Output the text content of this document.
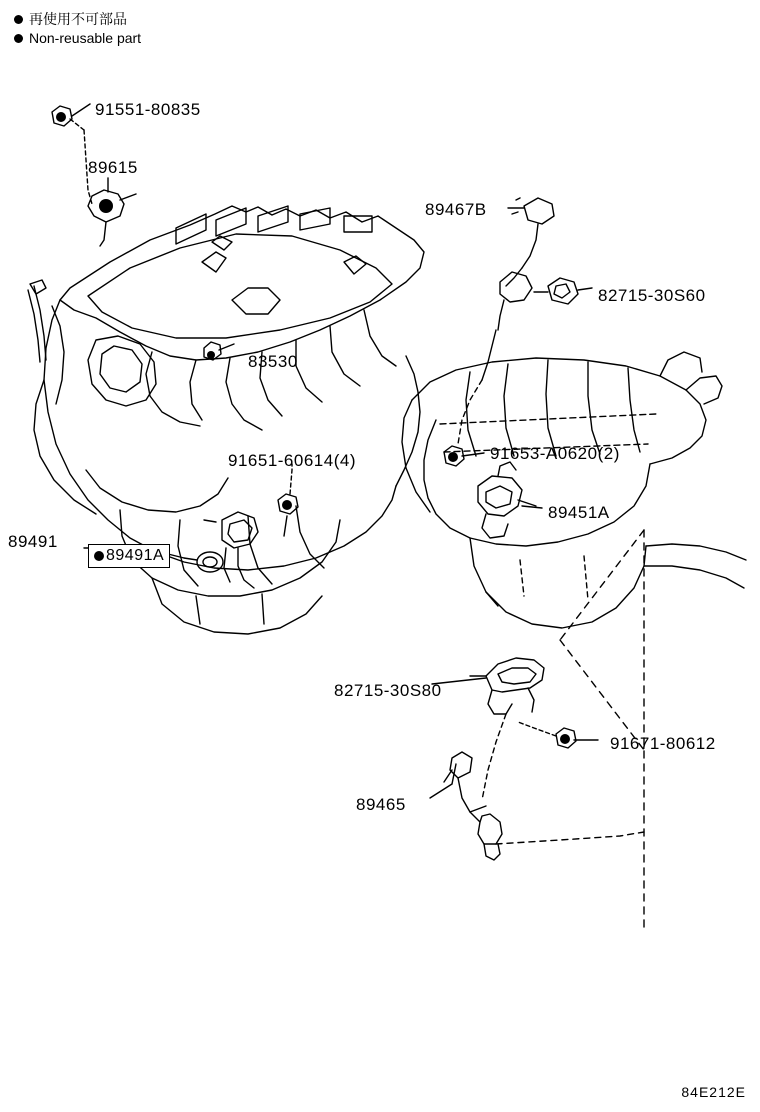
再使用不可部品
Non-reusable part
91551-80835
89615
89467B
82715-30S60
83530
91653-A0620(2)
91651-60614(4)
89451A
89491
89491A
82715-30S80
91671-80612
89465
84E212E
